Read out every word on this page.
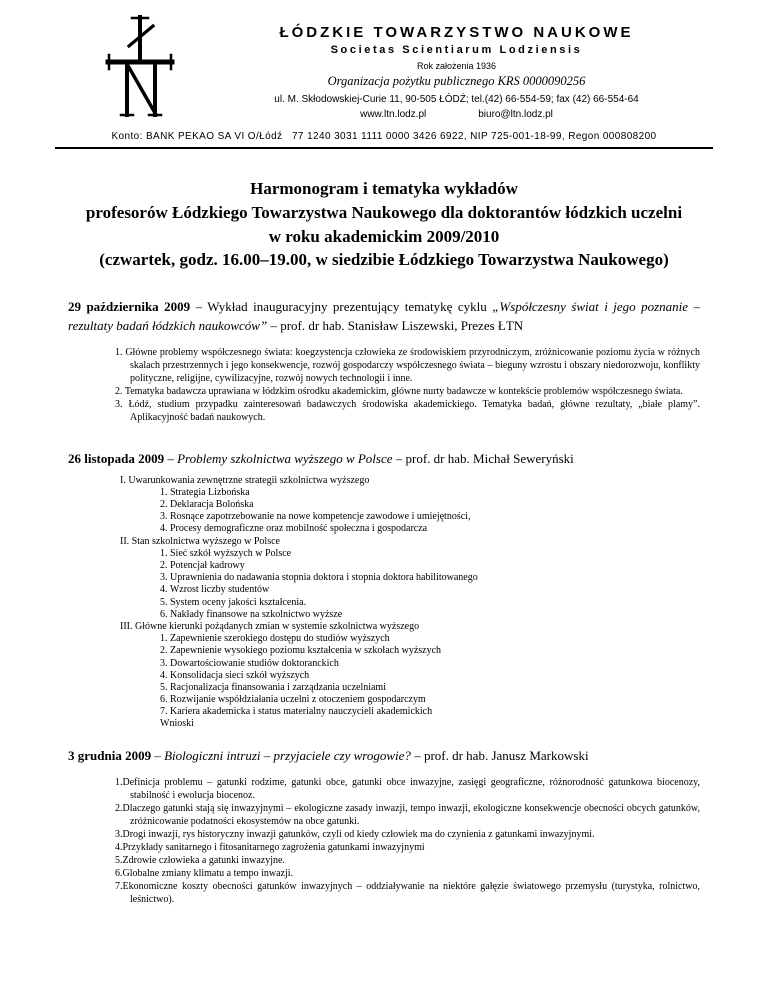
ŁÓDZKIE TOWARZYSTWO NAUKOWE
Societas Scientiarum Lodziensis
Rok założenia 1936
Organizacja pożytku publicznego KRS 0000090256
ul. M. Skłodowskiej-Curie 11, 90-505 ŁÓDŹ; tel.(42) 66-554-59; fax (42) 66-554-64
www.ltn.lodz.pl	biuro@ltn.lodz.pl
Konto: BANK PEKAO SA VI O/Łódź   77 1240 3031 1111 0000 3426 6922, NIP 725-001-18-99, Regon 000808200
Harmonogram i tematyka wykładów
profesorów Łódzkiego Towarzystwa Naukowego dla doktorantów łódzkich uczelni
w roku akademickim 2009/2010
(czwartek, godz. 16.00–19.00, w siedzibie Łódzkiego Towarzystwa Naukowego)

29 października 2009 – Wykład inauguracyjny prezentujący tematykę cyklu „Współczesny świat i jego poznanie – rezultaty badań łódzkich naukowców” – prof. dr hab. Stanisław Liszewski, Prezes ŁTN

1. Główne problemy współczesnego świata: koegzystencja człowieka ze środowiskiem przyrodniczym, zróżnicowanie poziomu życia w różnych skalach przestrzennych i jego konsekwencje, rozwój gospodarczy współczesnego świata – bieguny wzrostu i obszary niedorozwoju, konflikty polityczne, religijne, cywilizacyjne, rozwój nowych technologii i inne.
2. Tematyka badawcza uprawiana w łódzkim ośrodku akademickim, główne nurty badawcze w kontekście problemów współczesnego świata.
3. Łódź, studium przypadku zainteresowań badawczych środowiska akademickiego. Tematyka badań, główne rezultaty, „białe plamy”. Aplikacyjność badań naukowych.

26 listopada 2009 – Problemy szkolnictwa wyższego w Polsce – prof. dr hab. Michał Seweryński

I. Uwarunkowania zewnętrzne strategii szkolnictwa wyższego
1. Strategia Lizbońska
2. Deklaracja Bolońska
3. Rosnące zapotrzebowanie na nowe kompetencje zawodowe i umiejętności,
4. Procesy demograficzne oraz mobilność społeczna i gospodarcza
II. Stan szkolnictwa wyższego w Polsce
1. Sieć szkół wyższych w Polsce
2. Potencjał kadrowy
3. Uprawnienia do nadawania stopnia doktora i stopnia doktora habilitowanego
4. Wzrost liczby studentów
5. System oceny jakości kształcenia.
6. Nakłady finansowe na szkolnictwo wyższe
III. Główne kierunki pożądanych zmian w systemie szkolnictwa wyższego
1. Zapewnienie szerokiego dostępu do studiów wyższych
2. Zapewnienie wysokiego poziomu kształcenia w szkołach wyższych
3. Dowartościowanie studiów doktoranckich
4. Konsolidacja sieci szkół wyższych
5. Racjonalizacja finansowania i zarządzania uczelniami
6. Rozwijanie współdziałania uczelni z otoczeniem gospodarczym
7. Kariera akademicka i status materialny nauczycieli akademickich
Wnioski

3 grudnia 2009 – Biologiczni intruzi – przyjaciele czy wrogowie? – prof. dr hab. Janusz Markowski

1.Definicja problemu – gatunki rodzime, gatunki obce, gatunki obce inwazyjne, zasięgi geograficzne, różnorodność gatunkowa biocenozy, stabilność i ewolucja biocenoz.
2.Dlaczego gatunki stają się inwazyjnymi – ekologiczne zasady inwazji, tempo inwazji, ekologiczne konsekwencje obecności obcych gatunków, zróżnicowanie podatności ekosystemów na obce gatunki.
3.Drogi inwazji, rys historyczny inwazji gatunków, czyli od kiedy człowiek ma do czynienia z gatunkami inwazyjnymi.
4.Przykłady sanitarnego i fitosanitarnego zagrożenia gatunkami inwazyjnymi
5.Zdrowie człowieka a gatunki inwazyjne.
6.Globalne zmiany klimatu a tempo inwazji.
7.Ekonomiczne koszty obecności gatunków inwazyjnych – oddziaływanie na niektóre gałęzie światowego przemysłu (turystyka, rolnictwo, leśnictwo).
